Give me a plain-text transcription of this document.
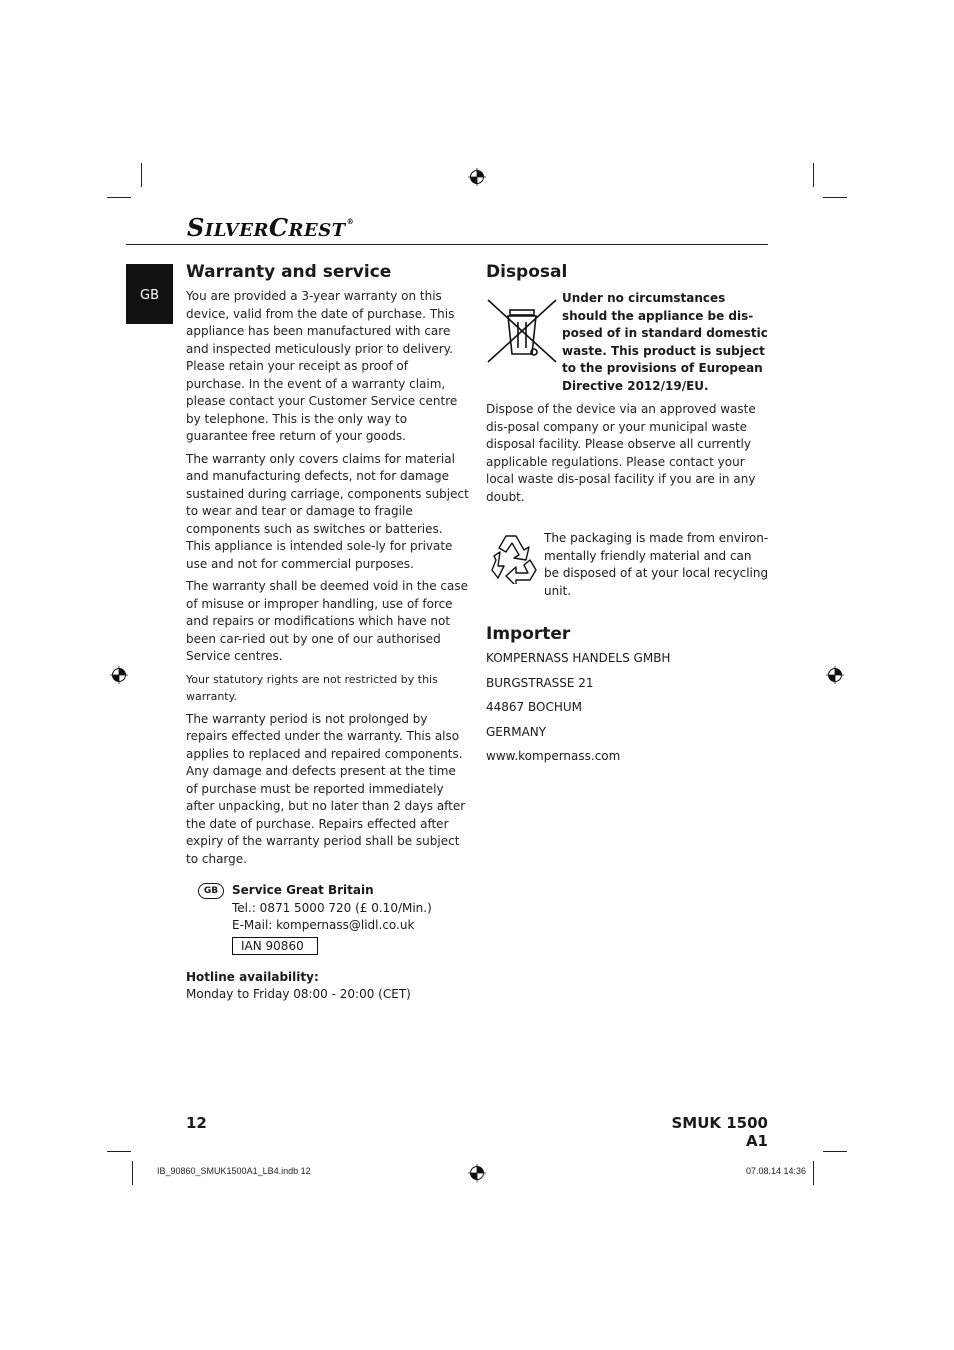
SILVERCREST®
GB
Warranty and service

You are provided a 3-year warranty on this device, valid from the date of purchase. This appliance has been manufactured with care and inspected meticulously prior to delivery. Please retain your receipt as proof of purchase. In the event of a warranty claim, please contact your Customer Service centre by telephone. This is the only way to guarantee free return of your goods.

The warranty only covers claims for material and manufacturing defects, not for damage sustained during carriage, components subject to wear and tear or damage to fragile components such as switches or batteries. This appliance is intended sole-ly for private use and not for commercial purposes.

The warranty shall be deemed void in the case of misuse or improper handling, use of force and repairs or modifications which have not been car-ried out by one of our authorised Service centres.

Your statutory rights are not restricted by this warranty.

The warranty period is not prolonged by repairs effected under the warranty. This also applies to replaced and repaired components. Any damage and defects present at the time of purchase must be reported immediately after unpacking, but no later than 2 days after the date of purchase. Repairs effected after expiry of the warranty period shall be subject to charge.

GB	Service Great Britain
Tel.: 0871 5000 720 (£ 0.10/Min.)
E-Mail: kompernass@lidl.co.uk
IAN 90860
Hotline availability:
Monday to Friday 08:00 - 20:00 (CET)
Disposal
Under no circumstances should the appliance be dis-posed of in standard domestic waste. This product is subject to the provisions of European Directive 2012/19/EU.

Dispose of the device via an approved waste dis-posal company or your municipal waste disposal facility. Please observe all currently applicable regulations. Please contact your local waste dis-posal facility if you are in any doubt.

The packaging is made from environ-mentally friendly material and can be disposed of at your local recycling unit.
Importer

KOMPERNASS HANDELS GMBH

BURGSTRASSE 21

44867 BOCHUM

GERMANY

www.kompernass.com

12	SMUK 1500 A1
IB_90860_SMUK1500A1_LB4.indb 12	07.08.14 14:36
